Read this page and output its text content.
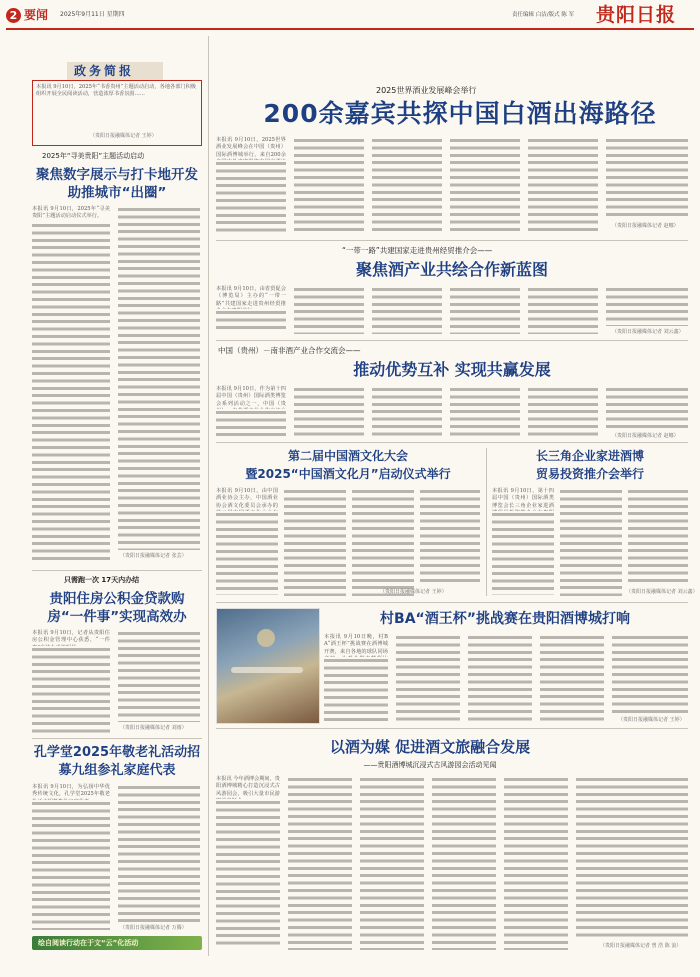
2 要闻 2025年9月11日 星期四	责任编辑 白洁/版式 陈 军 贵阳日报
政务简报
本报讯 9月10日，2025年“书香贵州”主题活动启动，各地各部门积极组织开展全民阅读活动，营造浓厚书香氛围……
（贵阳日报融媒体记者 王婷）
2025年“寻美贵阳”主题活动启动
聚焦数字展示与打卡地开发助推城市“出圈”
本报讯 9月10日，2025年“寻美贵阳”主题活动启动仪式举行。
（贵阳日报融媒体记者 张芸）
只需跑一次 17天内办结
贵阳住房公积金贷款购房“一件事”实现高效办
本报讯 9月10日，记者从贵阳住房公积金管理中心获悉，“一件
（贵阳日报融媒体记者 刘雨）
孔学堂2025年敬老礼活动招募九组参礼家庭代表
本报讯 9月10日，为弘扬中华优秀传统文化，孔学堂2025年敬老
（贵阳日报融媒体记者 万腾）
绘自阅读行动在于文“云”化活动
2025世界酒业发展峰会举行
200余嘉宾共探中国白酒出海路径
本报讯 9月10日，2025世界酒业发展峰会在中国（贵州）国际酒博城举行，来自200余
（贵阳日报融媒体记者 赵娜）
“一带一路”共建国家走进贵州经贸推介会——
聚焦酒产业共绘合作新蓝图
本报讯 9月10日，由省贸促会（博览局）主办的“一带一路”共建国家走进贵州经贸推
（贵阳日报融媒体记者 刘云鑫）
中国（贵州）－南非酒产业合作交流会——
推动优势互补 实现共赢发展
本报讯 9月10日，作为第十四届中国（贵州）国际酒类博览会系列活动之一，中国（贵
（贵阳日报融媒体记者 赵娜）
第二届中国酒文化大会
暨2025“中国酒文化月”启动仪式举行
本报讯 9月10日，由中国酒业协会主办，中国酒业协会酒文化委员会承办的
（贵阳日报融媒体记者 王婷）
长三角企业家进酒博
贸易投资推介会举行
本报讯 9月10日，第十四届中国（贵州）国际酒类博览会长三角企业家进酒
（贵阳日报融媒体记者 刘云鑫）
村BA“酒王杯”挑战赛在贵阳酒博城打响
本报讯 9月10日晚，村BA“酒王杯”挑战赛在酒博城开赛，来自各地的球队同场
（贵阳日报融媒体记者 王婷）
以酒为媒 促进酒文旅融合发展
——贵阳酒博城沉浸式古风游园会活动见闻
本报讯 今年酒博会期间，贵阳酒博城精心打造沉浸式古风游园会，吸引大量市民游
（贵阳日报融媒体记者 曾 浩 陈 浪）
